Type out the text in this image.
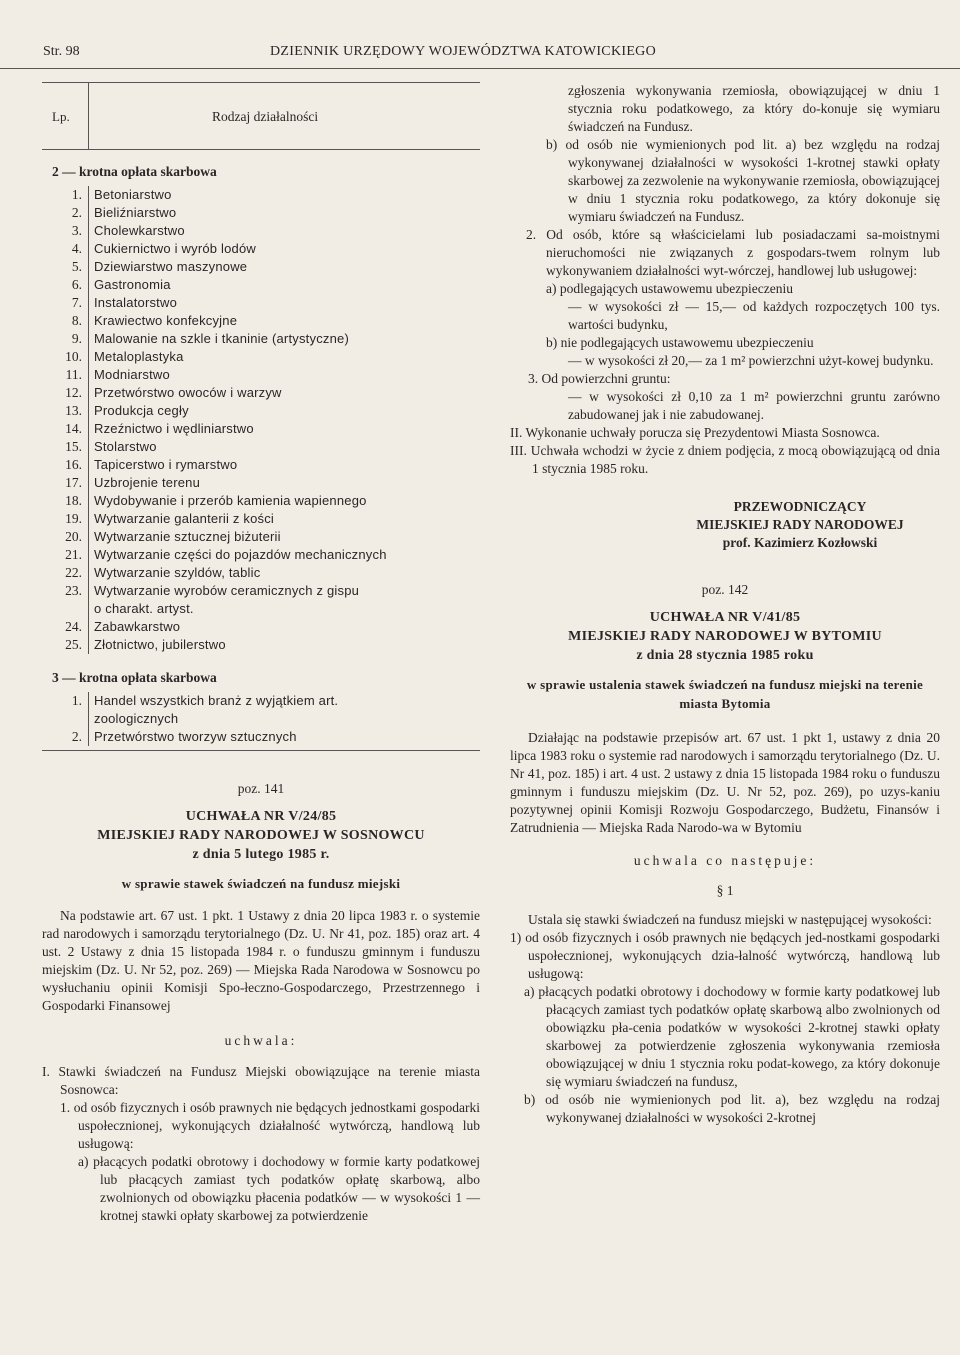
Str. 98	DZIENNIK URZĘDOWY WOJEWÓDZTWA KATOWICKIEGO
Lp.	Rodzaj działalności
2 — krotna opłata skarbowa
1. Betoniarstwo
2. Bieliźniarstwo
3. Cholewkarstwo
4. Cukiernictwo i wyrób lodów
5. Dziewiarstwo maszynowe
6. Gastronomia
7. Instalatorstwo
8. Krawiectwo konfekcyjne
9. Malowanie na szkle i tkaninie (artystyczne)
10. Metaloplastyka
11. Modniarstwo
12. Przetwórstwo owoców i warzyw
13. Produkcja cegły
14. Rzeźnictwo i wędliniarstwo
15. Stolarstwo
16. Tapicerstwo i rymarstwo
17. Uzbrojenie terenu
18. Wydobywanie i przerób kamienia wapiennego
19. Wytwarzanie galanterii z kości
20. Wytwarzanie sztucznej biżuterii
21. Wytwarzanie części do pojazdów mechanicznych
22. Wytwarzanie szyldów, tablic
23. Wytwarzanie wyrobów ceramicznych z gispu
o charakt. artyst.
24. Zabawkarstwo
25. Złotnictwo, jubilerstwo
3 — krotna opłata skarbowa
1. Handel wszystkich branż z wyjątkiem art.
zoologicznych
2. Przetwórstwo tworzyw sztucznych
poz. 141
UCHWAŁA NR V/24/85
MIEJSKIEJ RADY NARODOWEJ W SOSNOWCU
z dnia 5 lutego 1985 r.
w sprawie stawek świadczeń na fundusz miejski

Na podstawie art. 67 ust. 1 pkt. 1 Ustawy z dnia 20 lipca 1983 r. o systemie rad narodowych i samorządu terytorialnego (Dz. U. Nr 41, poz. 185) oraz art. 4 ust. 2 Ustawy z dnia 15 listopada 1984 r. o funduszu gminnym i funduszu miejskim (Dz. U. Nr 52, poz. 269) — Miejska Rada Narodowa w Sosnowcu po wysłuchaniu opinii Komisji Spo-łeczno-Gospodarczego, Przestrzennego i Gospodarki Finansowej

uchwala:

I. Stawki świadczeń na Fundusz Miejski obowiązujące na terenie miasta Sosnowca:

1. od osób fizycznych i osób prawnych nie będących jednostkami gospodarki uspołecznionej, wykonujących działalność wytwórczą, handlową lub usługową:

a) płacących podatki obrotowy i dochodowy w formie karty podatkowej lub płacących zamiast tych podatków opłatę skarbową, albo zwolnionych od obowiązku płacenia podatków — w wysokości 1 — krotnej stawki opłaty skarbowej za potwierdzenie

zgłoszenia wykonywania rzemiosła, obowiązującej w dniu 1 stycznia roku podatkowego, za który do-konuje się wymiaru świadczeń na Fundusz.

b) od osób nie wymienionych pod lit. a) bez względu na rodzaj wykonywanej działalności w wysokości 1-krotnej stawki opłaty skarbowej za zezwolenie na wykonywanie rzemiosła, obowiązującej w dniu 1 stycznia roku podatkowego, za który dokonuje się wymiaru świadczeń na Fundusz.

2. Od osób, które są właścicielami lub posiadaczami sa-moistnymi nieruchomości nie związanych z gospodars-twem rolnym lub wykonywaniem działalności wyt-wórczej, handlowej lub usługowej:

a) podlegających ustawowemu ubezpieczeniu

— w wysokości zł — 15,— od każdych rozpoczętych 100 tys. wartości budynku,

b) nie podlegających ustawowemu ubezpieczeniu

— w wysokości zł 20,— za 1 m² powierzchni użyt-kowej budynku.

3. Od powierzchni gruntu:

— w wysokości zł 0,10 za 1 m² powierzchni gruntu zarówno zabudowanej jak i nie zabudowanej.

II. Wykonanie uchwały porucza się Prezydentowi Miasta Sosnowca.

III. Uchwała wchodzi w życie z dniem podjęcia, z mocą obowiązującą od dnia 1 stycznia 1985 roku.

PRZEWODNICZĄCY
MIEJSKIEJ RADY NARODOWEJ
prof. Kazimierz Kozłowski
poz. 142
UCHWAŁA NR V/41/85
MIEJSKIEJ RADY NARODOWEJ W BYTOMIU
z dnia 28 stycznia 1985 roku
w sprawie ustalenia stawek świadczeń na fundusz miejski na terenie miasta Bytomia

Działając na podstawie przepisów art. 67 ust. 1 pkt 1, ustawy z dnia 20 lipca 1983 roku o systemie rad narodowych i samorządu terytorialnego (Dz. U. Nr 41, poz. 185) i art. 4 ust. 2 ustawy z dnia 15 listopada 1984 roku o funduszu gminnym i funduszu miejskim (Dz. U. Nr 52, poz. 269), po uzys-kaniu pozytywnej opinii Komisji Rozwoju Gospodarczego, Budżetu, Finansów i Zatrudnienia — Miejska Rada Narodo-wa w Bytomiu

uchwala co następuje:
§ 1

Ustala się stawki świadczeń na fundusz miejski w następującej wysokości:

1) od osób fizycznych i osób prawnych nie będących jed-nostkami gospodarki uspołecznionej, wykonujących dzia-łalność wytwórczą, handlową lub usługową:

a) płacących podatki obrotowy i dochodowy w formie karty podatkowej lub płacących zamiast tych podatków opłatę skarbową albo zwolnionych od obowiązku pła-cenia podatków w wysokości 2-krotnej stawki opłaty skarbowej za potwierdzenie zgłoszenia wykonywania rzemiosła obowiązującej w dniu 1 stycznia roku podat-kowego, za który dokonuje się wymiaru świadczeń na fundusz,

b) od osób nie wymienionych pod lit. a), bez względu na rodzaj wykonywanej działalności w wysokości 2-krotnej
